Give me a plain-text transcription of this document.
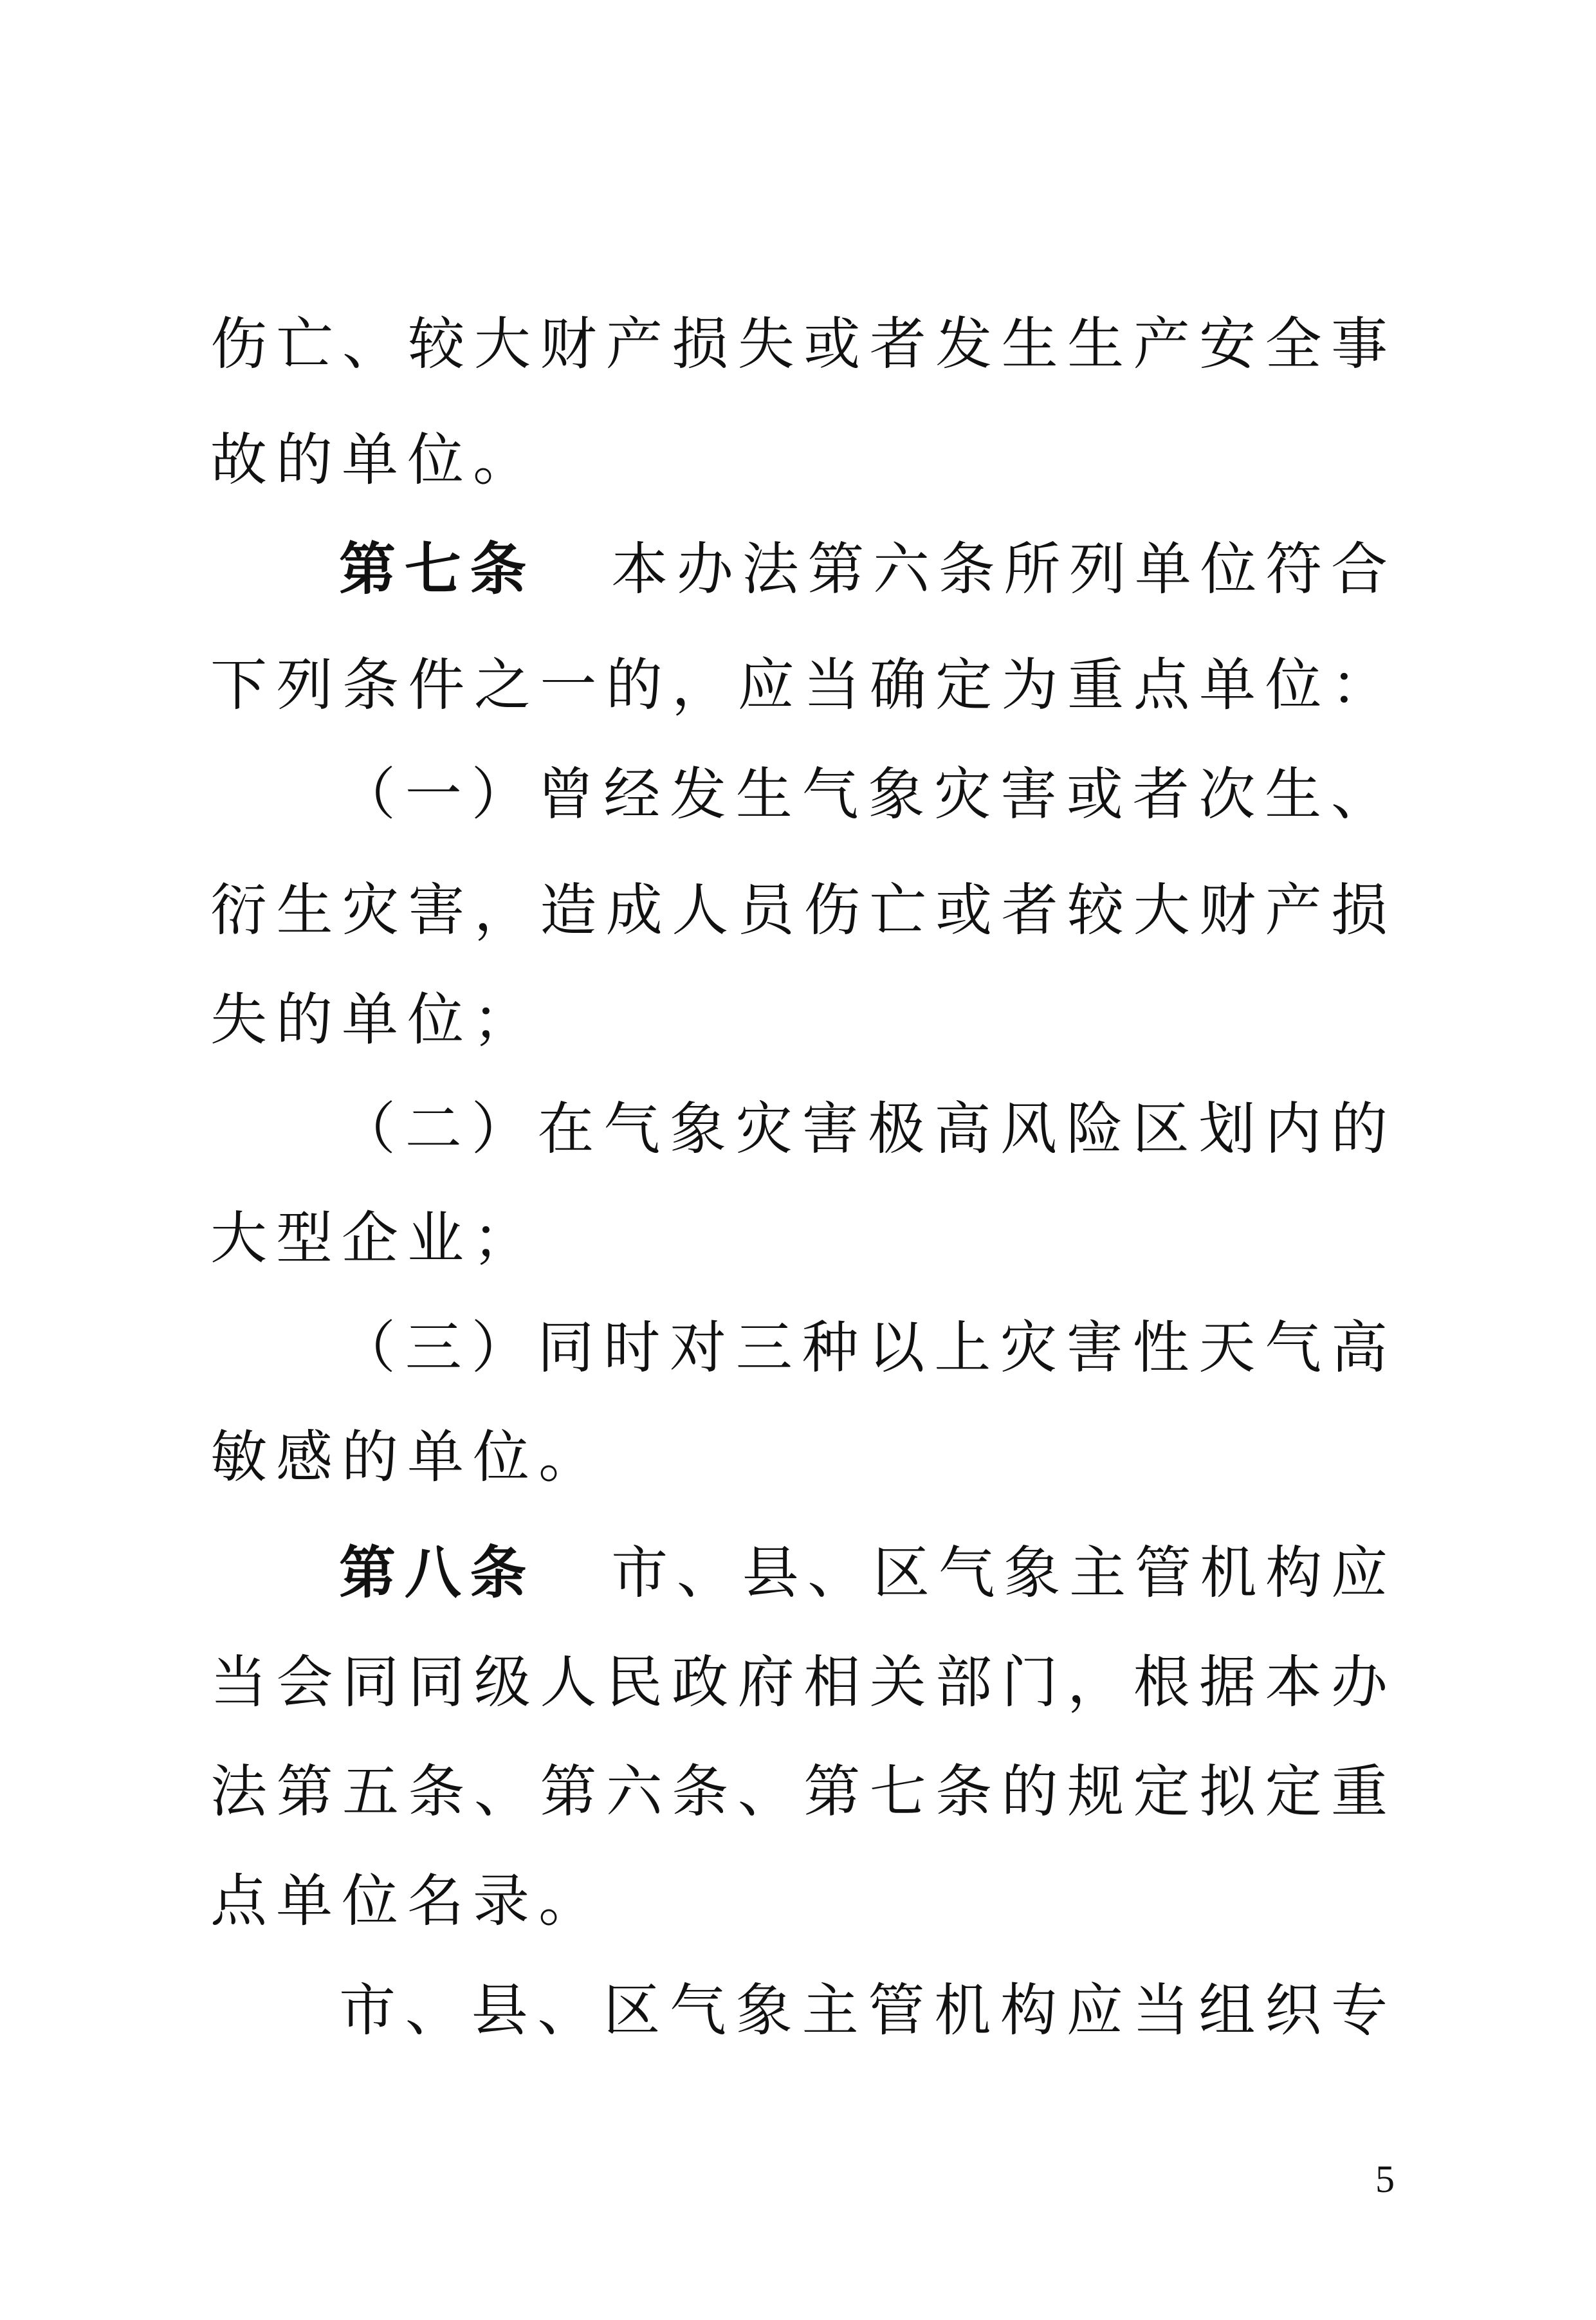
伤亡、较大财产损失或者发生生产安全事
故的单位。
第七条 本办法第六条所列单位符合
下列条件之一的，应当确定为重点单位：
（一）曾经发生气象灾害或者次生、
衍生灾害，造成人员伤亡或者较大财产损
失的单位；
（二）在气象灾害极高风险区划内的
大型企业；
（三）同时对三种以上灾害性天气高
敏感的单位。
第八条 市、县、区气象主管机构应
当会同同级人民政府相关部门，根据本办
法第五条、第六条、第七条的规定拟定重
点单位名录。
市、县、区气象主管机构应当组织专
5
